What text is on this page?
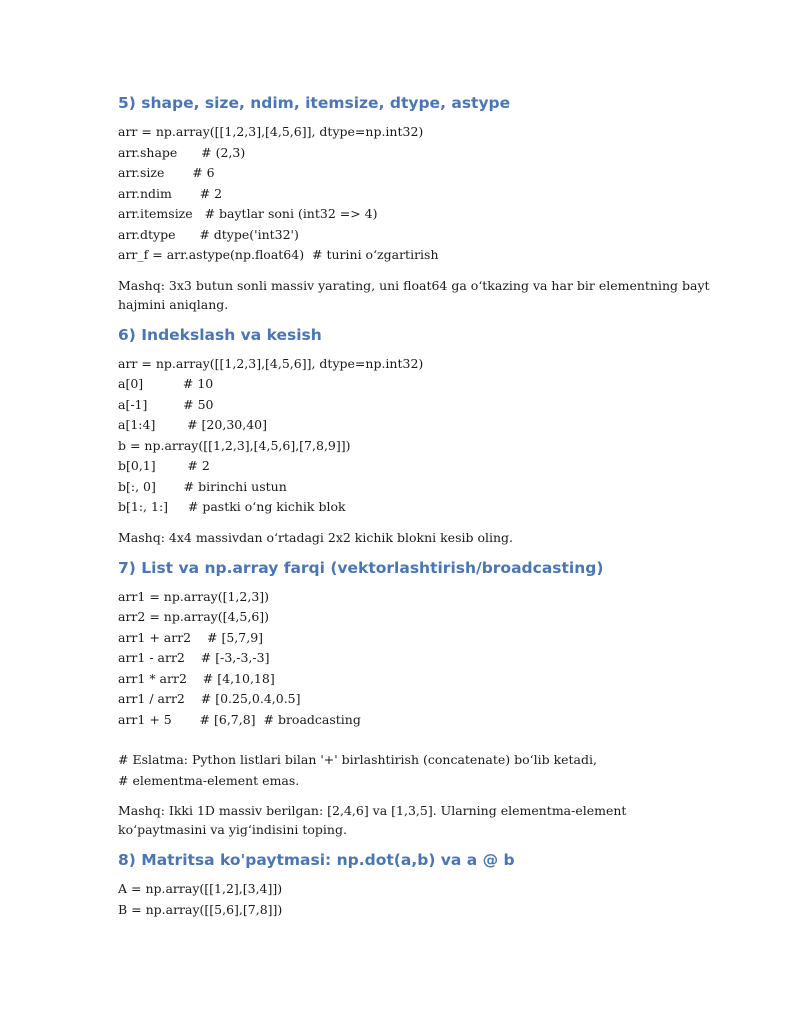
5) shape, size, ndim, itemsize, dtype, astype

arr = np.array([[1,2,3],[4,5,6]], dtype=np.int32)

arr.shape      # (2,3)

arr.size       # 6

arr.ndim       # 2

arr.itemsize   # baytlar soni (int32 => 4)

arr.dtype      # dtype('int32')

arr_f = arr.astype(np.float64)  # turini o‘zgartirish

Mashq: 3x3 butun sonli massiv yarating, uni float64 ga o‘tkazing va har bir elementning bayt hajmini aniqlang.

6) Indekslash va kesish

arr = np.array([[1,2,3],[4,5,6]], dtype=np.int32)

a[0]          # 10

a[-1]         # 50

a[1:4]        # [20,30,40]

b = np.array([[1,2,3],[4,5,6],[7,8,9]])

b[0,1]        # 2

b[:, 0]       # birinchi ustun

b[1:, 1:]     # pastki o‘ng kichik blok

Mashq: 4x4 massivdan o‘rtadagi 2x2 kichik blokni kesib oling.

7) List va np.array farqi (vektorlashtirish/broadcasting)

arr1 = np.array([1,2,3])

arr2 = np.array([4,5,6])

arr1 + arr2    # [5,7,9]

arr1 - arr2    # [-3,-3,-3]

arr1 * arr2    # [4,10,18]

arr1 / arr2    # [0.25,0.4,0.5]

arr1 + 5       # [6,7,8]  # broadcasting

# Eslatma: Python listlari bilan '+' birlashtirish (concatenate) bo‘lib ketadi,

# elementma-element emas.

Mashq: Ikki 1D massiv berilgan: [2,4,6] va [1,3,5]. Ularning elementma-element ko‘paytmasini va yig‘indisini toping.

8) Matritsa ko'paytmasi: np.dot(a,b) va a @ b

A = np.array([[1,2],[3,4]])

B = np.array([[5,6],[7,8]])
